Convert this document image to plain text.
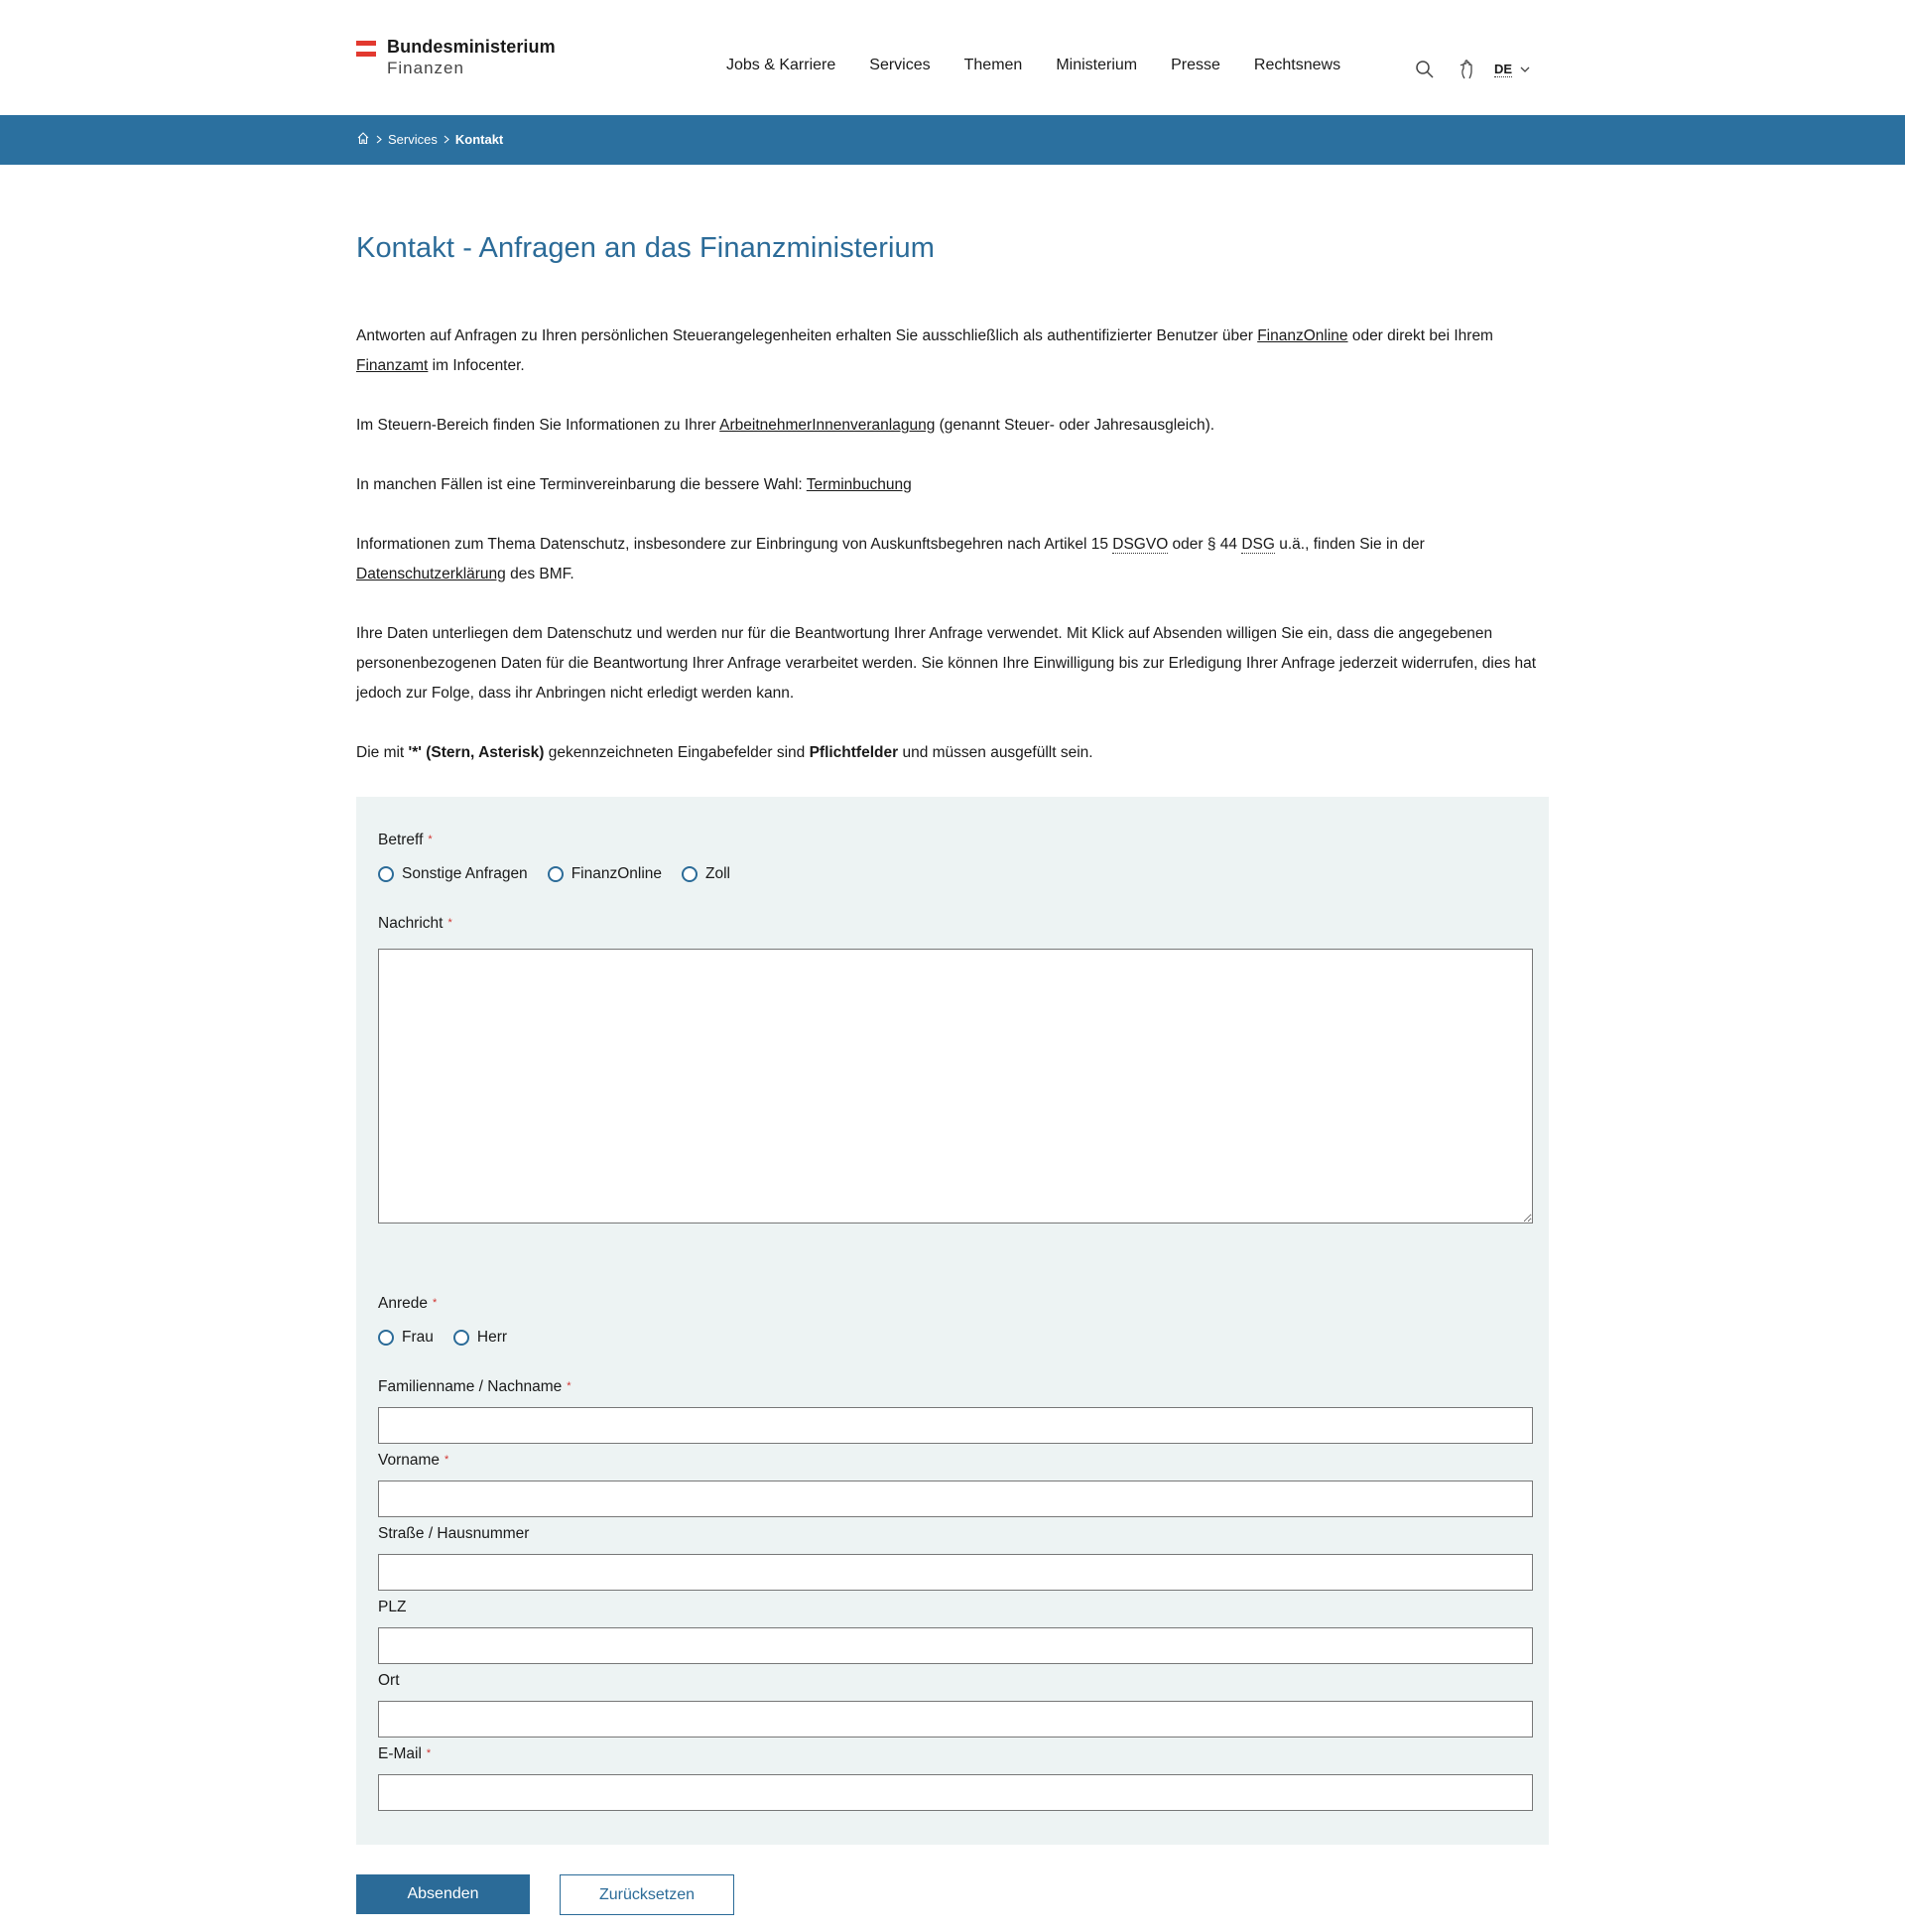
Bundesministerium
Finanzen	Jobs & Karriere Services Themen Ministerium Presse Rechtsnews	DE
Services Kontakt
Kontakt - Anfragen an das Finanzministerium

Antworten auf Anfragen zu Ihren persönlichen Steuerangelegenheiten erhalten Sie ausschließlich als authentifizierter Benutzer über FinanzOnline oder direkt bei Ihrem Finanzamt im Infocenter.

Im Steuern-Bereich finden Sie Informationen zu Ihrer ArbeitnehmerInnenveranlagung (genannt Steuer- oder Jahresausgleich).

In manchen Fällen ist eine Terminvereinbarung die bessere Wahl: Terminbuchung

Informationen zum Thema Datenschutz, insbesondere zur Einbringung von Auskunftsbegehren nach Artikel 15 DSGVO oder § 44 DSG u.ä., finden Sie in der Datenschutzerklärung des BMF.

Ihre Daten unterliegen dem Datenschutz und werden nur für die Beantwortung Ihrer Anfrage verwendet. Mit Klick auf Absenden willigen Sie ein, dass die angegebenen personenbezogenen Daten für die Beantwortung Ihrer Anfrage verarbeitet werden. Sie können Ihre Einwilligung bis zur Erledigung Ihrer Anfrage jederzeit widerrufen, dies hat jedoch zur Folge, dass ihr Anbringen nicht erledigt werden kann.

Die mit '*' (Stern, Asterisk) gekennzeichneten Eingabefelder sind Pflichtfelder und müssen ausgefüllt sein.

Betreff *
Sonstige Anfragen	FinanzOnline	Zoll
Nachricht *
Anrede *
Frau	Herr
Familienname / Nachname *
Vorname *
Straße / Hausnummer
PLZ
Ort
E-Mail *
Absenden	Zurücksetzen
